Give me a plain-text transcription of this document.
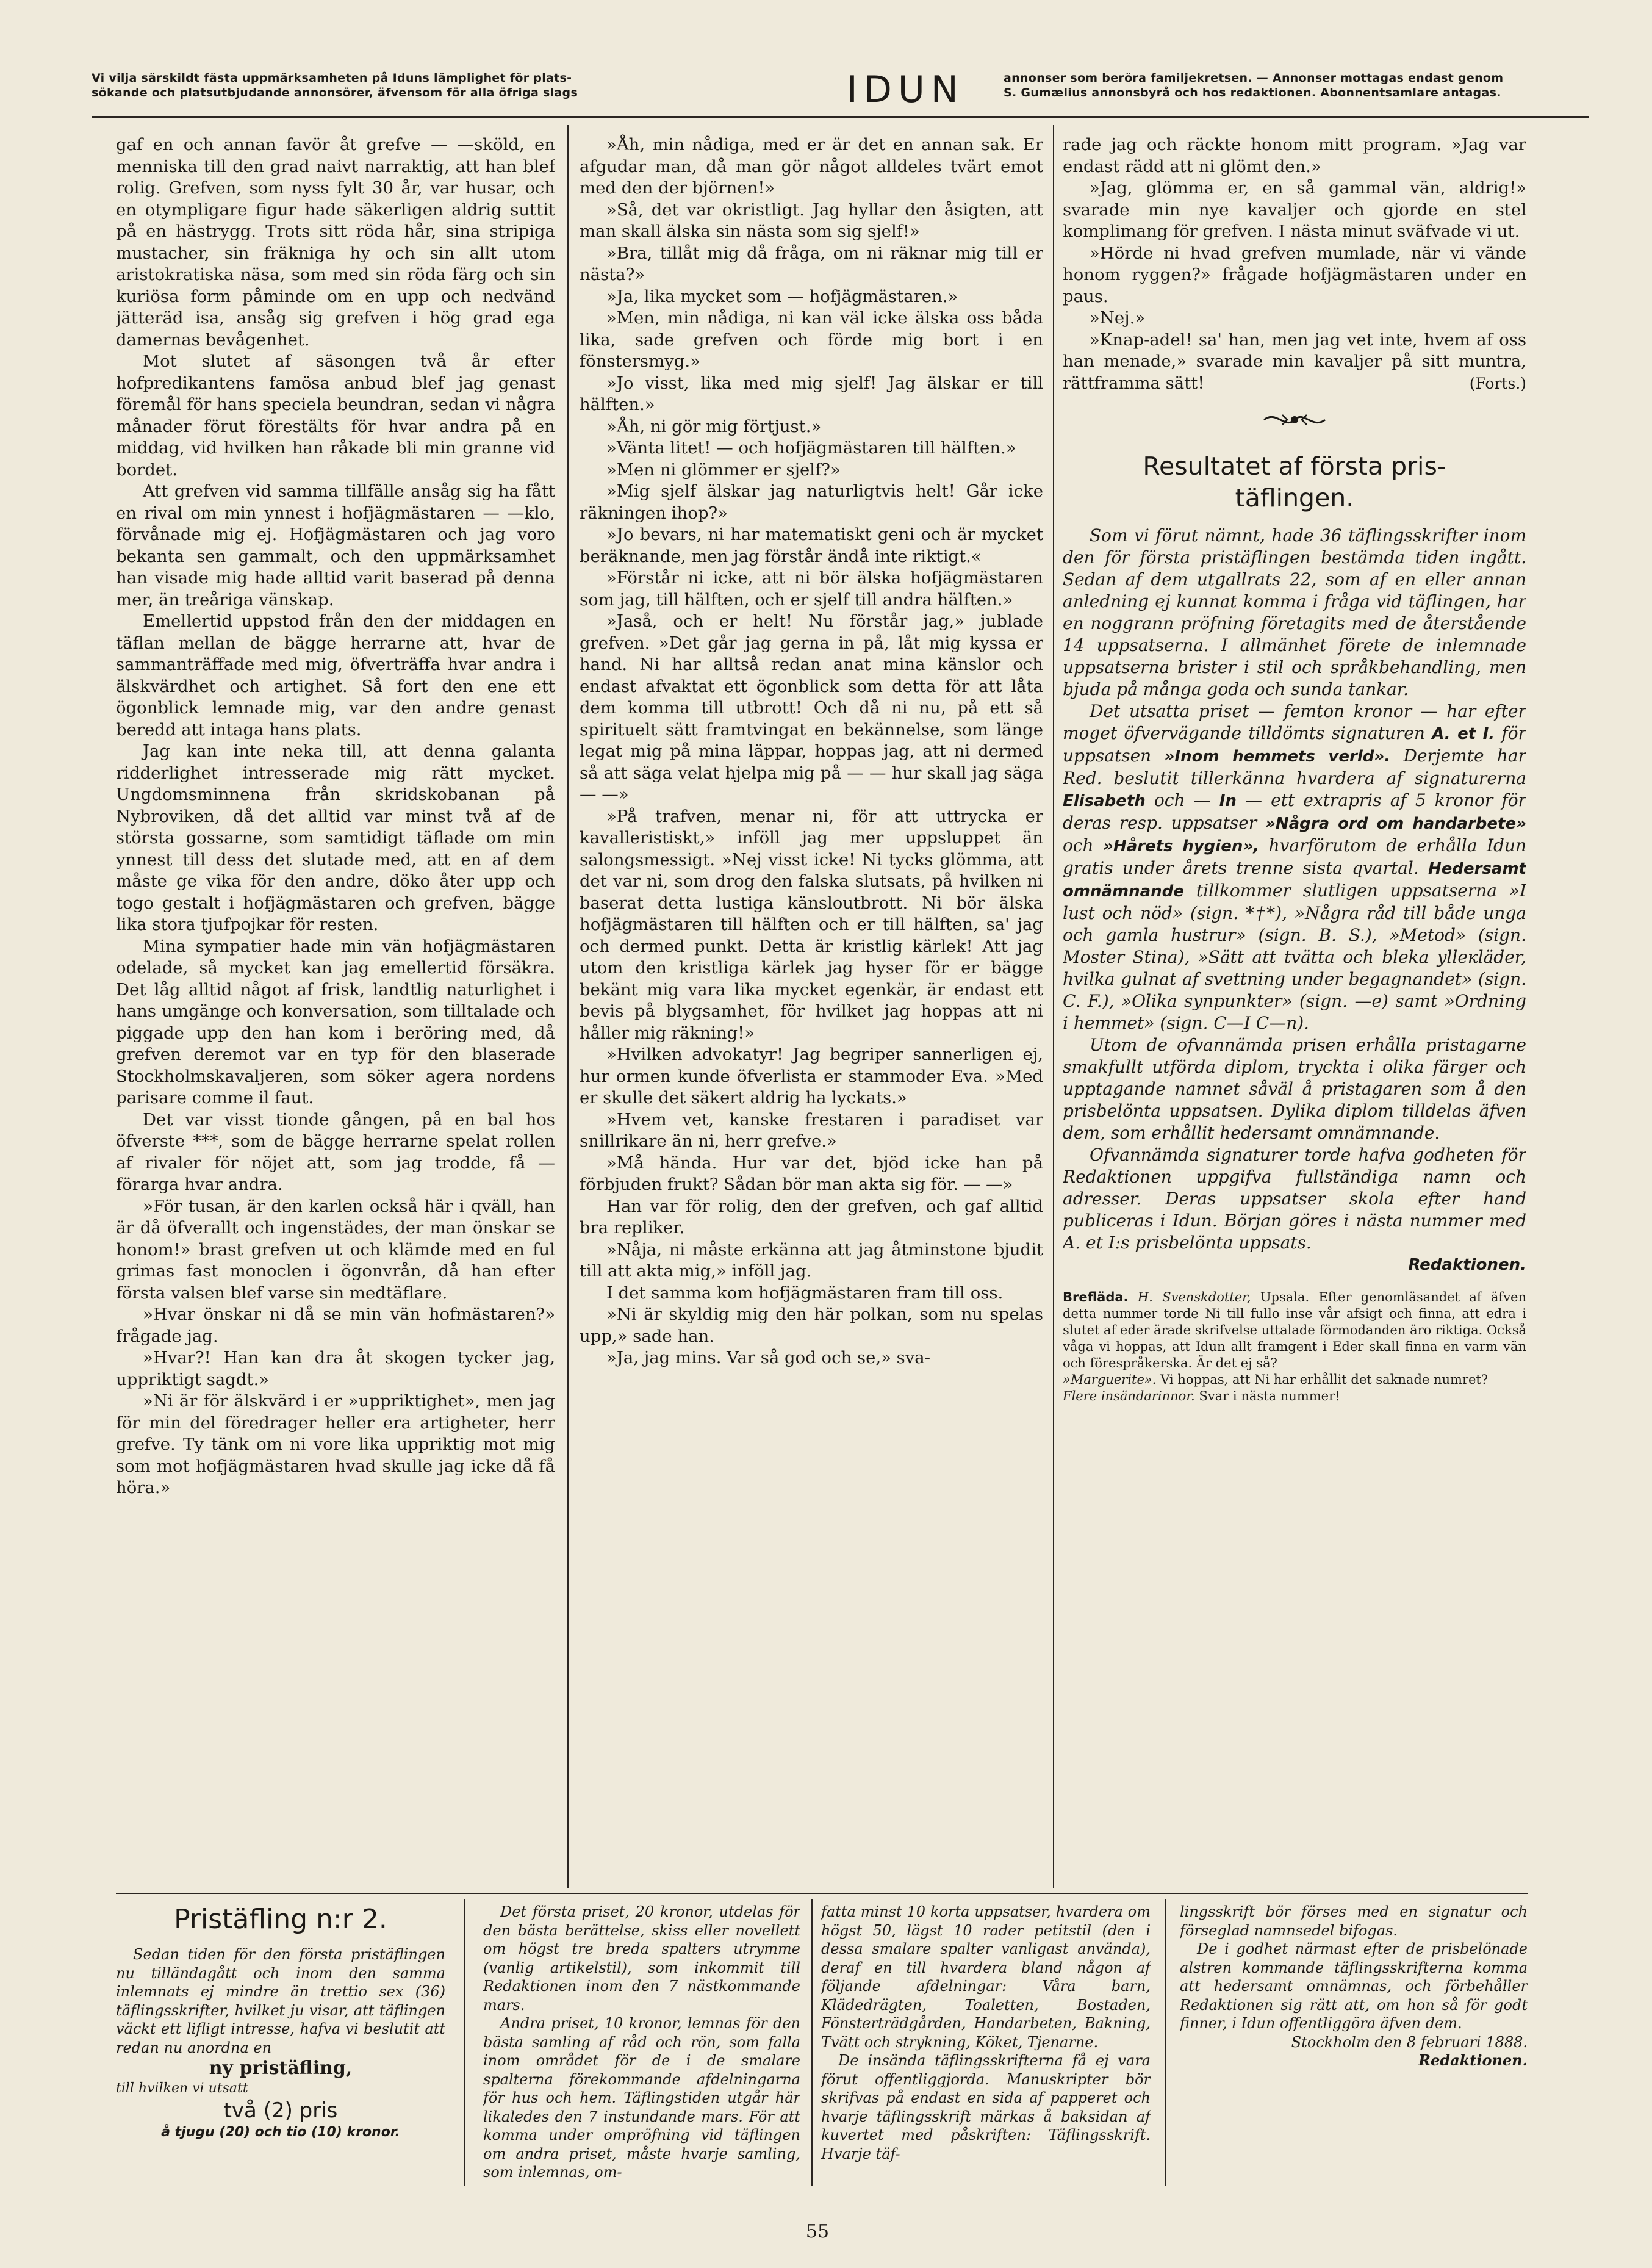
Vi vilja särskildt fästa uppmärksamheten på Iduns lämplighet för plats-
sökande och platsutbjudande annonsörer, äfvensom för alla öfriga slags	IDUN	annonser som beröra familjekretsen. — Annonser mottagas endast genom
S. Gumælius annonsbyrå och hos redaktionen. Abonnentsamlare antagas.

gaf en och annan favör åt grefve — —sköld, en menniska till den grad naivt narraktig, att han blef rolig. Grefven, som nyss fylt 30 år, var husar, och en otympligare figur hade säkerligen aldrig suttit på en hästrygg. Trots sitt röda hår, sina stripiga mustacher, sin fräkniga hy och sin allt utom aristokratiska näsa, som med sin röda färg och sin kuriösa form påminde om en upp och nedvänd jätteräd isa, ansåg sig grefven i hög grad ega damernas bevågenhet.

Mot slutet af säsongen två år efter hofpredikantens famösa anbud blef jag genast föremål för hans speciela beundran, sedan vi några månader förut förestälts för hvar andra på en middag, vid hvilken han råkade bli min granne vid bordet.

Att grefven vid samma tillfälle ansåg sig ha fått en rival om min ynnest i hofjägmästaren — —klo, förvånade mig ej. Hofjägmästaren och jag voro bekanta sen gammalt, och den uppmärksamhet han visade mig hade alltid varit baserad på denna mer, än treåriga vänskap.

Emellertid uppstod från den der middagen en täflan mellan de bägge herrarne att, hvar de sammanträffade med mig, öfverträffa hvar andra i älskvärdhet och artighet. Så fort den ene ett ögonblick lemnade mig, var den andre genast beredd att intaga hans plats.

Jag kan inte neka till, att denna galanta ridderlighet intresserade mig rätt mycket. Ungdomsminnena från skridskobanan på Nybroviken, då det alltid var minst två af de största gossarne, som samtidigt täflade om min ynnest till dess det slutade med, att en af dem måste ge vika för den andre, döko åter upp och togo gestalt i hofjägmästaren och grefven, bägge lika stora tjufpojkar för resten.

Mina sympatier hade min vän hofjägmästaren odelade, så mycket kan jag emellertid försäkra. Det låg alltid något af frisk, landtlig naturlighet i hans umgänge och konversation, som tilltalade och piggade upp den han kom i beröring med, då grefven deremot var en typ för den blaserade Stockholmskavaljeren, som söker agera nordens parisare comme il faut.

Det var visst tionde gången, på en bal hos öfverste ***, som de bägge herrarne spelat rollen af rivaler för nöjet att, som jag trodde, få — förarga hvar andra.

»För tusan, är den karlen också här i qväll, han är då öfverallt och ingenstädes, der man önskar se honom!» brast grefven ut och klämde med en ful grimas fast monoclen i ögonvrån, då han efter första valsen blef varse sin medtäflare.

»Hvar önskar ni då se min vän hofmästaren?» frågade jag.

»Hvar?! Han kan dra åt skogen tycker jag, uppriktigt sagdt.»

»Ni är för älskvärd i er »uppriktighet», men jag för min del föredrager heller era artigheter, herr grefve. Ty tänk om ni vore lika uppriktig mot mig som mot hofjägmästaren hvad skulle jag icke då få höra.»

»Åh, min nådiga, med er är det en annan sak. Er afgudar man, då man gör något alldeles tvärt emot med den der björnen!»

»Så, det var okristligt. Jag hyllar den åsigten, att man skall älska sin nästa som sig sjelf!»

»Bra, tillåt mig då fråga, om ni räknar mig till er nästa?»

»Ja, lika mycket som — hofjägmästaren.»

»Men, min nådiga, ni kan väl icke älska oss båda lika, sade grefven och förde mig bort i en fönstersmyg.»

»Jo visst, lika med mig sjelf! Jag älskar er till hälften.»

»Åh, ni gör mig förtjust.»

»Vänta litet! — och hofjägmästaren till hälften.»

»Men ni glömmer er sjelf?»

»Mig sjelf älskar jag naturligtvis helt! Går icke räkningen ihop?»

»Jo bevars, ni har matematiskt geni och är mycket beräknande, men jag förstår ändå inte riktigt.«

»Förstår ni icke, att ni bör älska hofjägmästaren som jag, till hälften, och er sjelf till andra hälften.»

»Jaså, och er helt! Nu förstår jag,» jublade grefven. »Det går jag gerna in på, låt mig kyssa er hand. Ni har alltså redan anat mina känslor och endast afvaktat ett ögonblick som detta för att låta dem komma till utbrott! Och då ni nu, på ett så spirituelt sätt framtvingat en bekännelse, som länge legat mig på mina läppar, hoppas jag, att ni dermed så att säga velat hjelpa mig på — — hur skall jag säga — —»

»På trafven, menar ni, för att uttrycka er kavalleristiskt,» inföll jag mer uppsluppet än salongsmessigt. »Nej visst icke! Ni tycks glömma, att det var ni, som drog den falska slutsats, på hvilken ni baserat detta lustiga känsloutbrott. Ni bör älska hofjägmästaren till hälften och er till hälften, sa' jag och dermed punkt. Detta är kristlig kärlek! Att jag utom den kristliga kärlek jag hyser för er bägge bekänt mig vara lika mycket egenkär, är endast ett bevis på blygsamhet, för hvilket jag hoppas att ni håller mig räkning!»

»Hvilken advokatyr! Jag begriper sannerligen ej, hur ormen kunde öfverlista er stammoder Eva. »Med er skulle det säkert aldrig ha lyckats.»

»Hvem vet, kanske frestaren i paradiset var snillrikare än ni, herr grefve.»

»Må hända. Hur var det, bjöd icke han på förbjuden frukt? Sådan bör man akta sig för. — —»

Han var för rolig, den der grefven, och gaf alltid bra repliker.

»Nåja, ni måste erkänna att jag åtminstone bjudit till att akta mig,» inföll jag.

I det samma kom hofjägmästaren fram till oss.

»Ni är skyldig mig den här polkan, som nu spelas upp,» sade han.

»Ja, jag mins. Var så god och se,» sva-

rade jag och räckte honom mitt program. »Jag var endast rädd att ni glömt den.»

»Jag, glömma er, en så gammal vän, aldrig!» svarade min nye kavaljer och gjorde en stel komplimang för grefven. I nästa minut sväfvade vi ut.

»Hörde ni hvad grefven mumlade, när vi vände honom ryggen?» frågade hofjägmästaren under en paus.

»Nej.»

»Knap-adel! sa' han, men jag vet inte, hvem af oss han menade,» svarade min kavaljer på sitt muntra, rättframma sätt!	(Forts.)

Resultatet af första pris-
täflingen.

Som vi förut nämnt, hade 36 täflingsskrifter inom den för första pristäflingen bestämda tiden ingått. Sedan af dem utgallrats 22, som af en eller annan anledning ej kunnat komma i fråga vid täflingen, har en noggrann pröfning företagits med de återstående 14 uppsatserna. I allmänhet förete de inlemnade uppsatserna brister i stil och språkbehandling, men bjuda på många goda och sunda tankar.

Det utsatta priset — femton kronor — har efter moget öfvervägande tilldömts signaturen A. et I. för uppsatsen »Inom hemmets verld». Derjemte har Red. beslutit tillerkänna hvardera af signaturerna Elisabeth och — In — ett extrapris af 5 kronor för deras resp. uppsatser »Några ord om handarbete» och »Hårets hygien», hvarförutom de erhålla Idun gratis under årets trenne sista qvartal. Hedersamt omnämnande tillkommer slutligen uppsatserna »I lust och nöd» (sign. *†*), »Några råd till både unga och gamla hustrur» (sign. B. S.), »Metod» (sign. Moster Stina), »Sätt att tvätta och bleka ylleкläder, hvilka gulnat af svettning under begagnandet» (sign. C. F.), »Olika synpunkter» (sign. —e) samt »Ordning i hemmet» (sign. C—I C—n).

Utom de ofvannämda prisen erhålla pristagarne smakfullt utförda diplom, tryckta i olika färger och upptagande namnet såväl å pristagaren som å den prisbelönta uppsatsen. Dylika diplom tilldelas äfven dem, som erhållit hedersamt omnämnande.

Ofvannämda signaturer torde hafva godheten för Redaktionen uppgifva fullständiga namn och adresser. Deras uppsatser skola efter hand publiceras i Idun. Början göres i nästa nummer med A. et I:s prisbelönta uppsats.

Redaktionen.
Brefläda. H. Svenskdotter, Upsala. Efter genomläsandet af äfven detta nummer torde Ni till fullo inse vår afsigt och finna, att edra i slutet af eder ärade skrifvelse uttalade förmodanden äro riktiga. Också våga vi hoppas, att Idun allt framgent i Eder skall finna en varm vän och förespråkerska. Är det ej så?
»Marguerite». Vi hoppas, att Ni har erhållit det saknade numret?
Flere insändarinnor. Svar i nästa nummer!
Pristäfling n:r 2.

Sedan tiden för den första pristäflingen nu tilländagått och inom den samma inlemnats ej mindre än trettio sex (36) täflingsskrifter, hvilket ju visar, att täflingen väckt ett lifligt intresse, hafva vi beslutit att redan nu anordna en

ny pristäfling,
till hvilken vi utsatt
två (2) pris
å tjugu (20) och tio (10) kronor.

Det första priset, 20 kronor, utdelas för den bästa berättelse, skiss eller novellett om högst tre breda spalters utrymme (vanlig artikelstil), som inkommit till Redaktionen inom den 7 nästkommande mars.

Andra priset, 10 kronor, lemnas för den bästa samling af råd och rön, som falla inom området för de i de smalare spalterna förekommande afdelningarna för hus och hem. Täflingstiden utgår här likaledes den 7 instundande mars. För att komma under ompröfning vid täflingen om andra priset, måste hvarje samling, som inlemnas, om-

fatta minst 10 korta uppsatser, hvardera om högst 50, lägst 10 rader petitstil (den i dessa smalare spalter vanligast använda), deraf en till hvardera bland någon af följande afdelningar: Våra barn, Klädedrägten, Toaletten, Bostaden, Fönsterträdgården, Handarbeten, Bakning, Tvätt och strykning, Köket, Tjenarne.

De insända täflingsskrifterna få ej vara förut offentliggjorda. Manuskripter bör skrifvas på endast en sida af papperet och hvarje täflingsskrift märkas å baksidan af kuvertet med påskriften: Täflingsskrift. Hvarje täf-

lingsskrift bör förses med en signatur och förseglad namnsedel bifogas.

De i godhet närmast efter de prisbelönade alstren kommande täflingsskrifterna komma att hedersamt omnämnas, och förbehåller Redaktionen sig rätt att, om hon så för godt finner, i Idun offentliggöra äfven dem.

Stockholm den 8 februari 1888.

Redaktionen.

55
